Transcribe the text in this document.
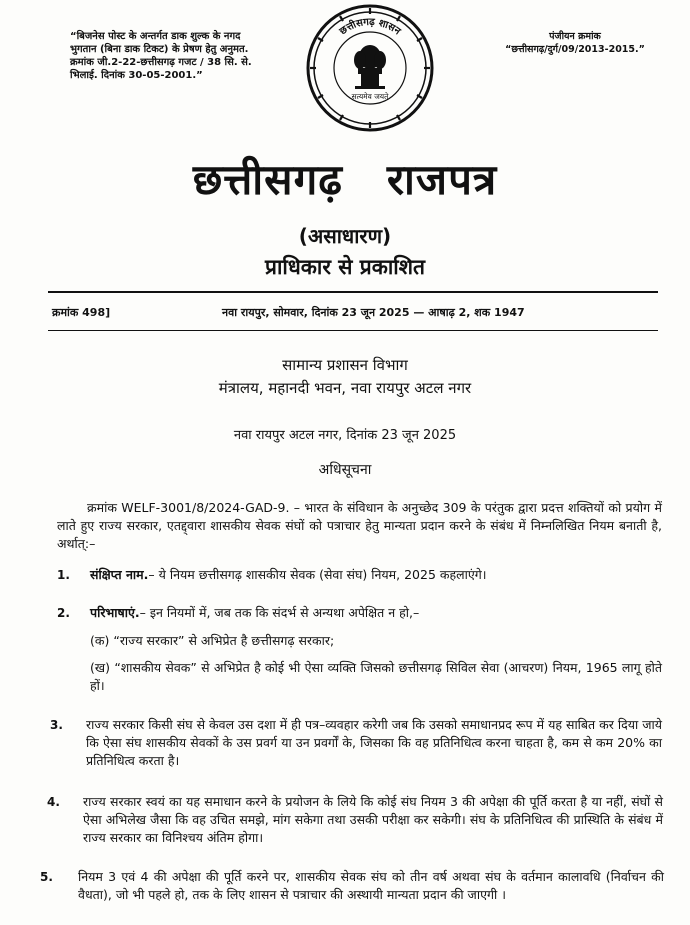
“बिजनेस पोस्ट के अन्तर्गत डाक शुल्क के नगद भुगतान (बिना डाक टिकट) के प्रेषण हेतु अनुमत. क्रमांक जी.2-22-छत्तीसगढ़ गजट / 38 सि. से. भिलाई. दिनांक 30-05-2001.”
पंजीयन क्रमांक
“छत्तीसगढ़/दुर्ग/09/2013-2015.”
छत्तीसगढ़ शासन
सत्यमेव जयते
छत्तीसगढ़ राजपत्र
(असाधारण)
प्राधिकार से प्रकाशित
क्रमांक 498]	नवा रायपुर, सोमवार, दिनांक 23 जून 2025 — आषाढ़ 2, शक 1947
सामान्य प्रशासन विभाग
मंत्रालय, महानदी भवन, नवा रायपुर अटल नगर
नवा रायपुर अटल नगर, दिनांक 23 जून 2025
अधिसूचना
क्रमांक WELF-3001/8/2024-GAD-9. – भारत के संविधान के अनुच्छेद 309 के परंतुक द्वारा प्रदत्त शक्तियों को प्रयोग में लाते हुए राज्य सरकार, एतद्द्वारा शासकीय सेवक संघों को पत्राचार हेतु मान्यता प्रदान करने के संबंध में निम्नलिखित नियम बनाती है, अर्थात्:–
1. संक्षिप्त नाम.– ये नियम छत्तीसगढ़ शासकीय सेवक (सेवा संघ) नियम, 2025 कहलाएंगे।
2. परिभाषाएं.– इन नियमों में, जब तक कि संदर्भ से अन्यथा अपेक्षित न हो,–
(क) “राज्य सरकार” से अभिप्रेत है छत्तीसगढ़ सरकार;
(ख) “शासकीय सेवक” से अभिप्रेत है कोई भी ऐसा व्यक्ति जिसको छत्तीसगढ़ सिविल सेवा (आचरण) नियम, 1965 लागू होते हों।
3. राज्य सरकार किसी संघ से केवल उस दशा में ही पत्र–व्यवहार करेगी जब कि उसको समाधानप्रद रूप में यह साबित कर दिया जाये कि ऐसा संघ शासकीय सेवकों के उस प्रवर्ग या उन प्रवर्गों के, जिसका कि वह प्रतिनिधित्व करना चाहता है, कम से कम 20% का प्रतिनिधित्व करता है।
4. राज्य सरकार स्वयं का यह समाधान करने के प्रयोजन के लिये कि कोई संघ नियम 3 की अपेक्षा की पूर्ति करता है या नहीं, संघों से ऐसा अभिलेख जैसा कि वह उचित समझे, मांग सकेगा तथा उसकी परीक्षा कर सकेगी। संघ के प्रतिनिधित्व की प्रास्थिति के संबंध में राज्य सरकार का विनिश्चय अंतिम होगा।
5. नियम 3 एवं 4 की अपेक्षा की पूर्ति करने पर, शासकीय सेवक संघ को तीन वर्ष अथवा संघ के वर्तमान कालावधि (निर्वाचन की वैधता), जो भी पहले हो, तक के लिए शासन से पत्राचार की अस्थायी मान्यता प्रदान की जाएगी ।
